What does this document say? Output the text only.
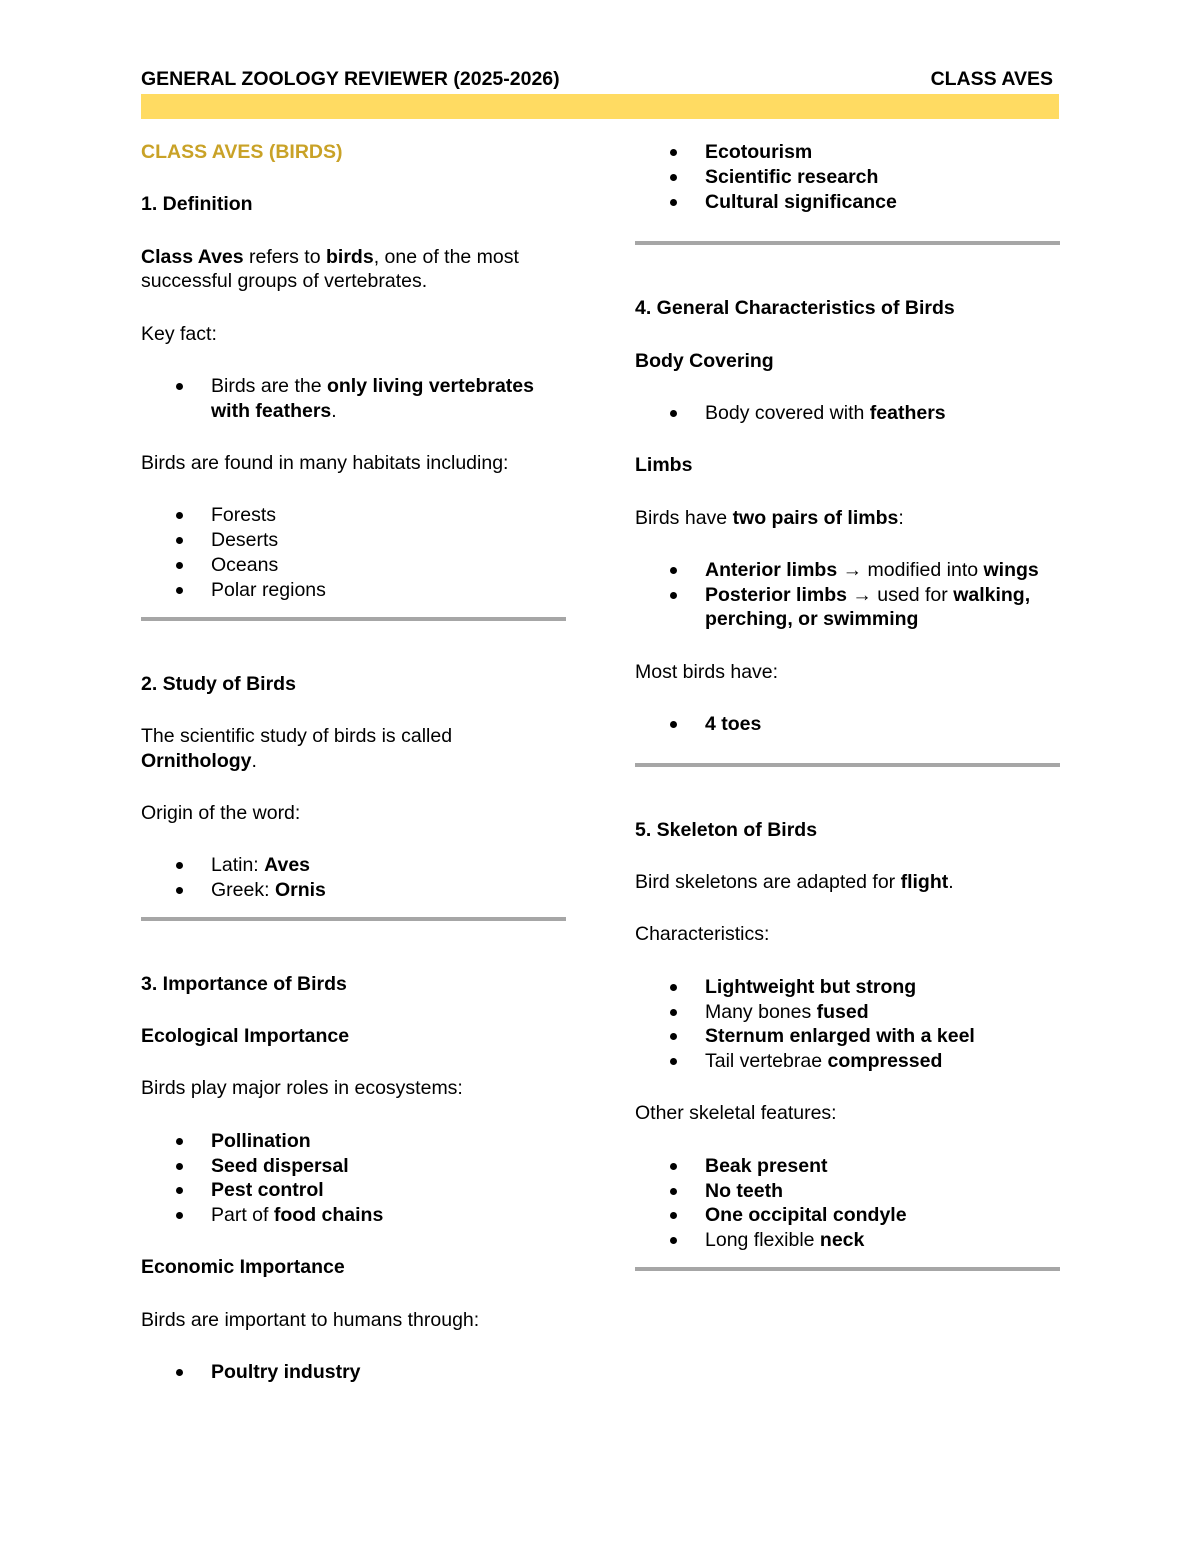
GENERAL ZOOLOGY REVIEWER (2025-2026)	CLASS AVES

CLASS AVES (BIRDS)

1. Definition

Class Aves refers to birds, one of the most successful groups of vertebrates.

Key fact:

Birds are the only living vertebrates with feathers.

Birds are found in many habitats including:

Forests
Deserts
Oceans
Polar regions

2. Study of Birds

The scientific study of birds is called Ornithology.

Origin of the word:

Latin: Aves
Greek: Ornis

3. Importance of Birds

Ecological Importance

Birds play major roles in ecosystems:

Pollination
Seed dispersal
Pest control
Part of food chains

Economic Importance

Birds are important to humans through:

Poultry industry
Ecotourism
Scientific research
Cultural significance

4. General Characteristics of Birds

Body Covering

Body covered with feathers

Limbs

Birds have two pairs of limbs:

Anterior limbs → modified into wings
Posterior limbs → used for walking, perching, or swimming

Most birds have:

4 toes

5. Skeleton of Birds

Bird skeletons are adapted for flight.

Characteristics:

Lightweight but strong
Many bones fused
Sternum enlarged with a keel
Tail vertebrae compressed

Other skeletal features:

Beak present
No teeth
One occipital condyle
Long flexible neck
